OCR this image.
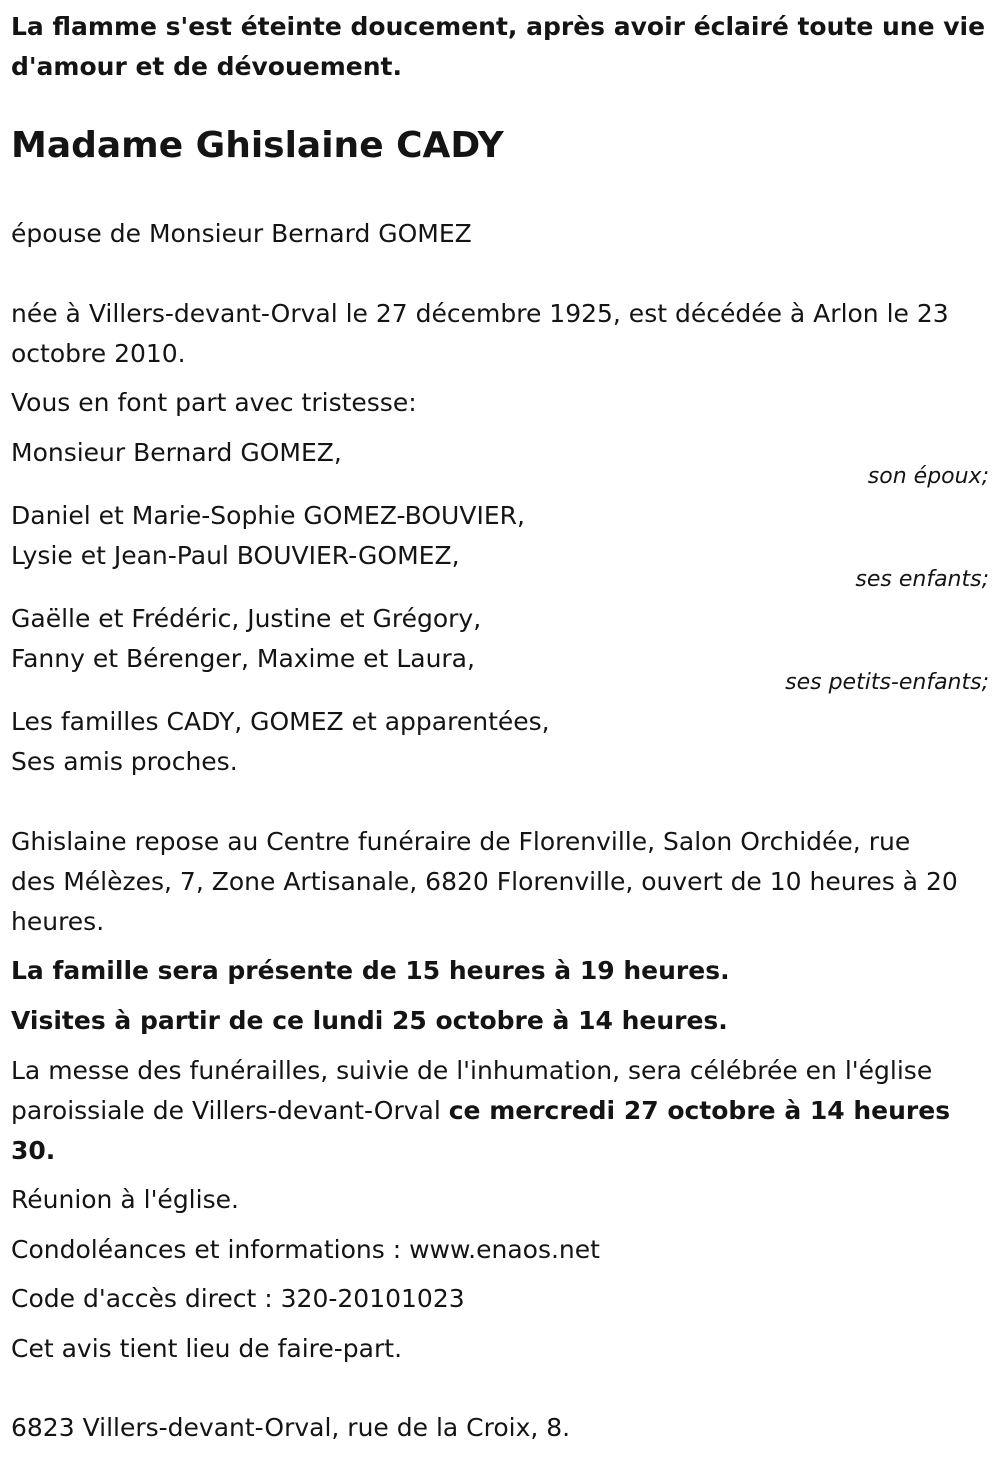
La flamme s'est éteinte doucement, après avoir éclairé toute une vie

d'amour et de dévouement.

Madame Ghislaine CADY

épouse de Monsieur Bernard GOMEZ

née à Villers-devant-Orval le 27 décembre 1925, est décédée à Arlon le 23

octobre 2010.

Vous en font part avec tristesse:

Monsieur Bernard GOMEZ,

son époux;

Daniel et Marie-Sophie GOMEZ-BOUVIER,

Lysie et Jean-Paul BOUVIER-GOMEZ,

ses enfants;

Gaëlle et Frédéric, Justine et Grégory,

Fanny et Bérenger, Maxime et Laura,

ses petits-enfants;

Les familles CADY, GOMEZ et apparentées,

Ses amis proches.

Ghislaine repose au Centre funéraire de Florenville, Salon Orchidée, rue

des Mélèzes, 7, Zone Artisanale, 6820 Florenville, ouvert de 10 heures à 20

heures.

La famille sera présente de 15 heures à 19 heures.

Visites à partir de ce lundi 25 octobre à 14 heures.

La messe des funérailles, suivie de l'inhumation, sera célébrée en l'église

paroissiale de Villers-devant-Orval ce mercredi 27 octobre à 14 heures

30.

Réunion à l'église.

Condoléances et informations : www.enaos.net

Code d'accès direct : 320-20101023

Cet avis tient lieu de faire-part.

6823 Villers-devant-Orval, rue de la Croix, 8.
